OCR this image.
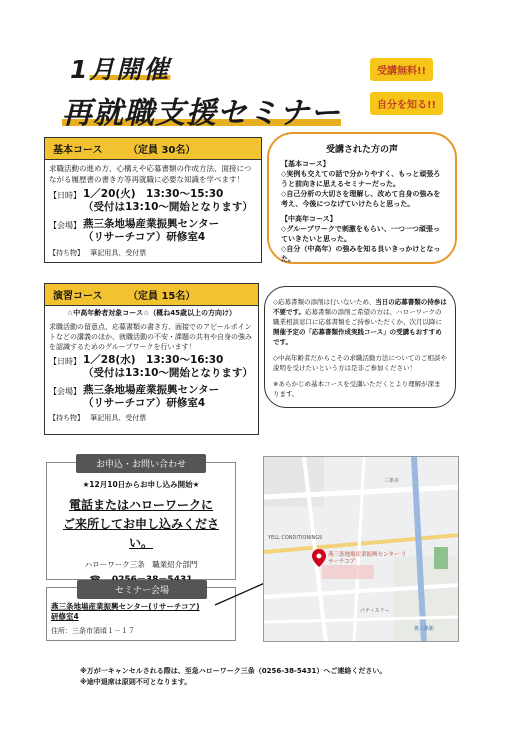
1月開催
再就職支援セミナー
受講無料!!
自分を知る!!
基本コース	（定員 30名）
求職活動の進め方、心構えや応募書類の作成方法、面接につながる履歴書の書き方等再就職に必要な知識を学べます！
【日時】 1／20(火)　13:30～15:30
（受付は13:10～開始となります）
【会場】 燕三条地場産業振興センター
（リサーチコア）研修室4
【持ち物】 筆記用具、受付票
受講された方の声
【基本コース】
◇実例も交えての話で分かりやすく、もっと頑張ろうと前向きに思えるセミナーだった。
◇自己分析の大切さを理解し、改めて自身の強みを考え、今後につなげていけたらと思った。
【中高年コース】
◇グループワークで刺激をもらい、一つ一つ頑張っていきたいと思った。
◇自分（中高年）の強みを知る良いきっかけとなった。
演習コース	（定員 15名）
☆中高年齢者対象コース☆（概ね45歳以上の方向け）
求職活動の留意点、応募書類の書き方、面接でのアピールポイントなどの講義のほか、就職活動の不安・課題の共有や自身の強みを認識するためのグループワークを行います！
【日時】 1／28(水)　13:30～16:30
（受付は13:10～開始となります）
【会場】 燕三条地場産業振興センター
（リサーチコア）研修室4
【持ち物】 筆記用具、受付票
◇応募書類の添削は行いないため、当日の応募書類の持参は不要です。応募書類の添削ご希望の方は、ハローワークの職業相談窓口に応募書類をご持参いただくか、次月以降に開催予定の「応募書類作成実践コース」の受講もおすすめです。
◇中高年齢者だからこその求職活動方法についてのご相談や説明を受けたいという方は是非ご参加ください！
※あらかじめ基本コースを受講いただくとより理解が深まります。
お申込・お問い合わせ
★12月10日からお申し込み開始★
電話またはハローワークに
ご来所してお申し込みください。
ハローワーク三条　職業紹介部門
セミナー会場
燕三条地場産業振興センター(リサーチコア)
研修室4
住所：三条市須頃１－１７
燕三条地場産業振興センター リサーチコア
YELL CONDITIONINGS
三条市
パティスリー
燕三条駅
※万が一キャンセルされる際は、至急ハローワーク三条（0256-38-5431）へご連絡ください。
※途中退席は原則不可となります。
